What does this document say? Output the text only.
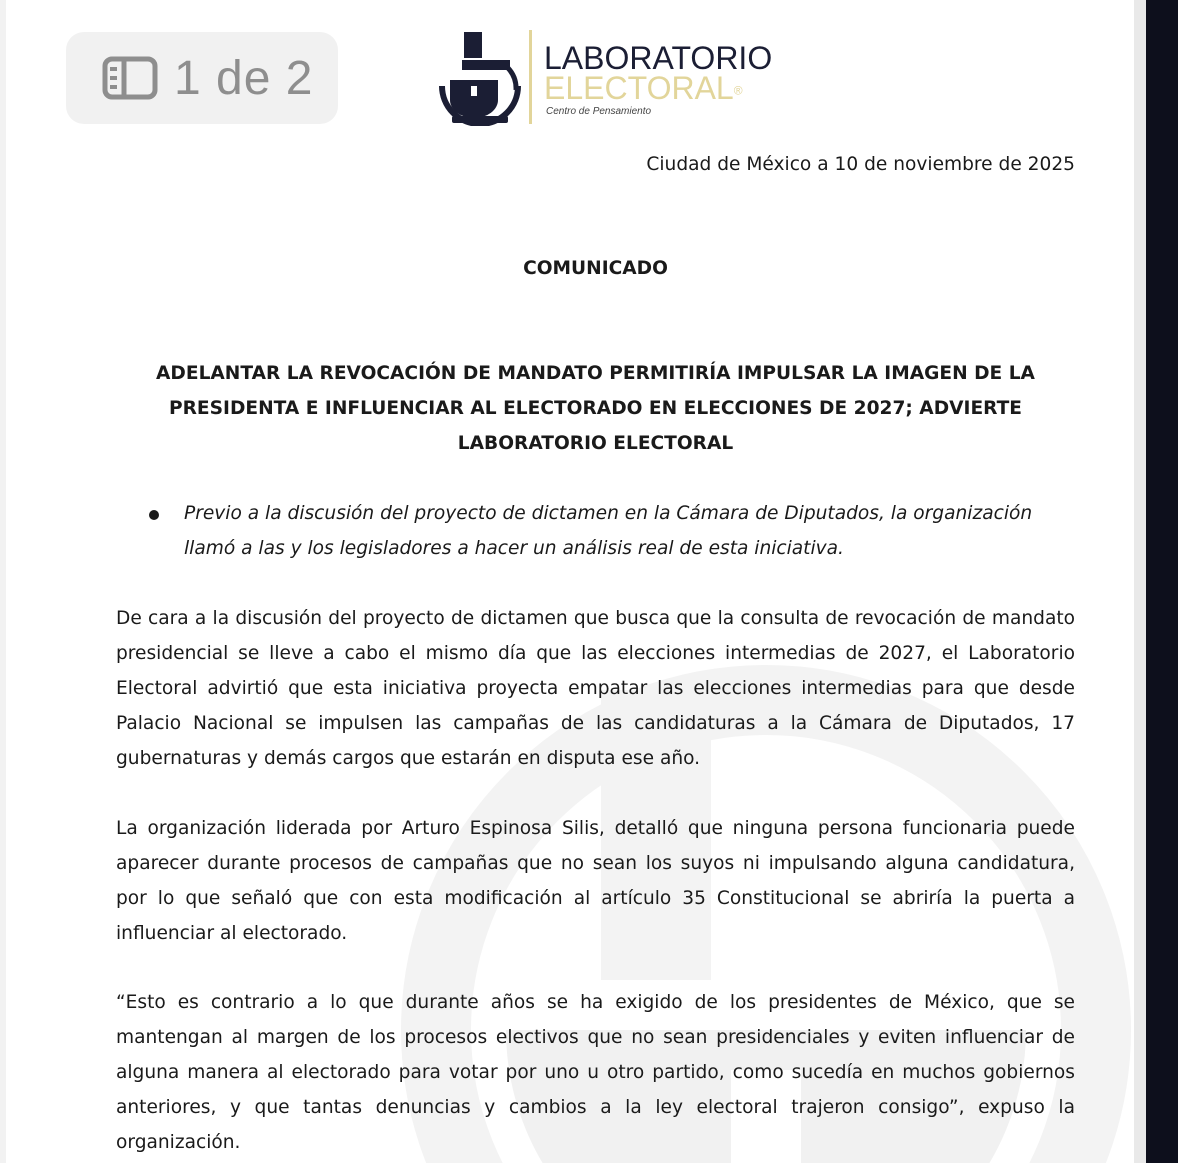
1 de 2	LABORATORIO
ELECTORAL®
Centro de Pensamiento
Ciudad de México a 10 de noviembre de 2025
COMUNICADO
ADELANTAR LA REVOCACIÓN DE MANDATO PERMITIRÍA IMPULSAR LA IMAGEN DE LA PRESIDENTA E INFLUENCIAR AL ELECTORADO EN ELECCIONES DE 2027; ADVIERTE LABORATORIO ELECTORAL
Previo a la discusión del proyecto de dictamen en la Cámara de Diputados, la organización llamó a las y los legisladores a hacer un análisis real de esta iniciativa.
De cara a la discusión del proyecto de dictamen que busca que la consulta de revocación de mandato presidencial se lleve a cabo el mismo día que las elecciones intermedias de 2027, el Laboratorio Electoral advirtió que esta iniciativa proyecta empatar las elecciones intermedias para que desde Palacio Nacional se impulsen las campañas de las candidaturas a la Cámara de Diputados, 17 gubernaturas y demás cargos que estarán en disputa ese año.
La organización liderada por Arturo Espinosa Silis, detalló que ninguna persona funcionaria puede aparecer durante procesos de campañas que no sean los suyos ni impulsando alguna candidatura, por lo que señaló que con esta modificación al artículo 35 Constitucional se abriría la puerta a influenciar al electorado.
“Esto es contrario a lo que durante años se ha exigido de los presidentes de México, que se mantengan al margen de los procesos electivos que no sean presidenciales y eviten influenciar de alguna manera al electorado para votar por uno u otro partido, como sucedía en muchos gobiernos anteriores, y que tantas denuncias y cambios a la ley electoral trajeron consigo”, expuso la organización.
